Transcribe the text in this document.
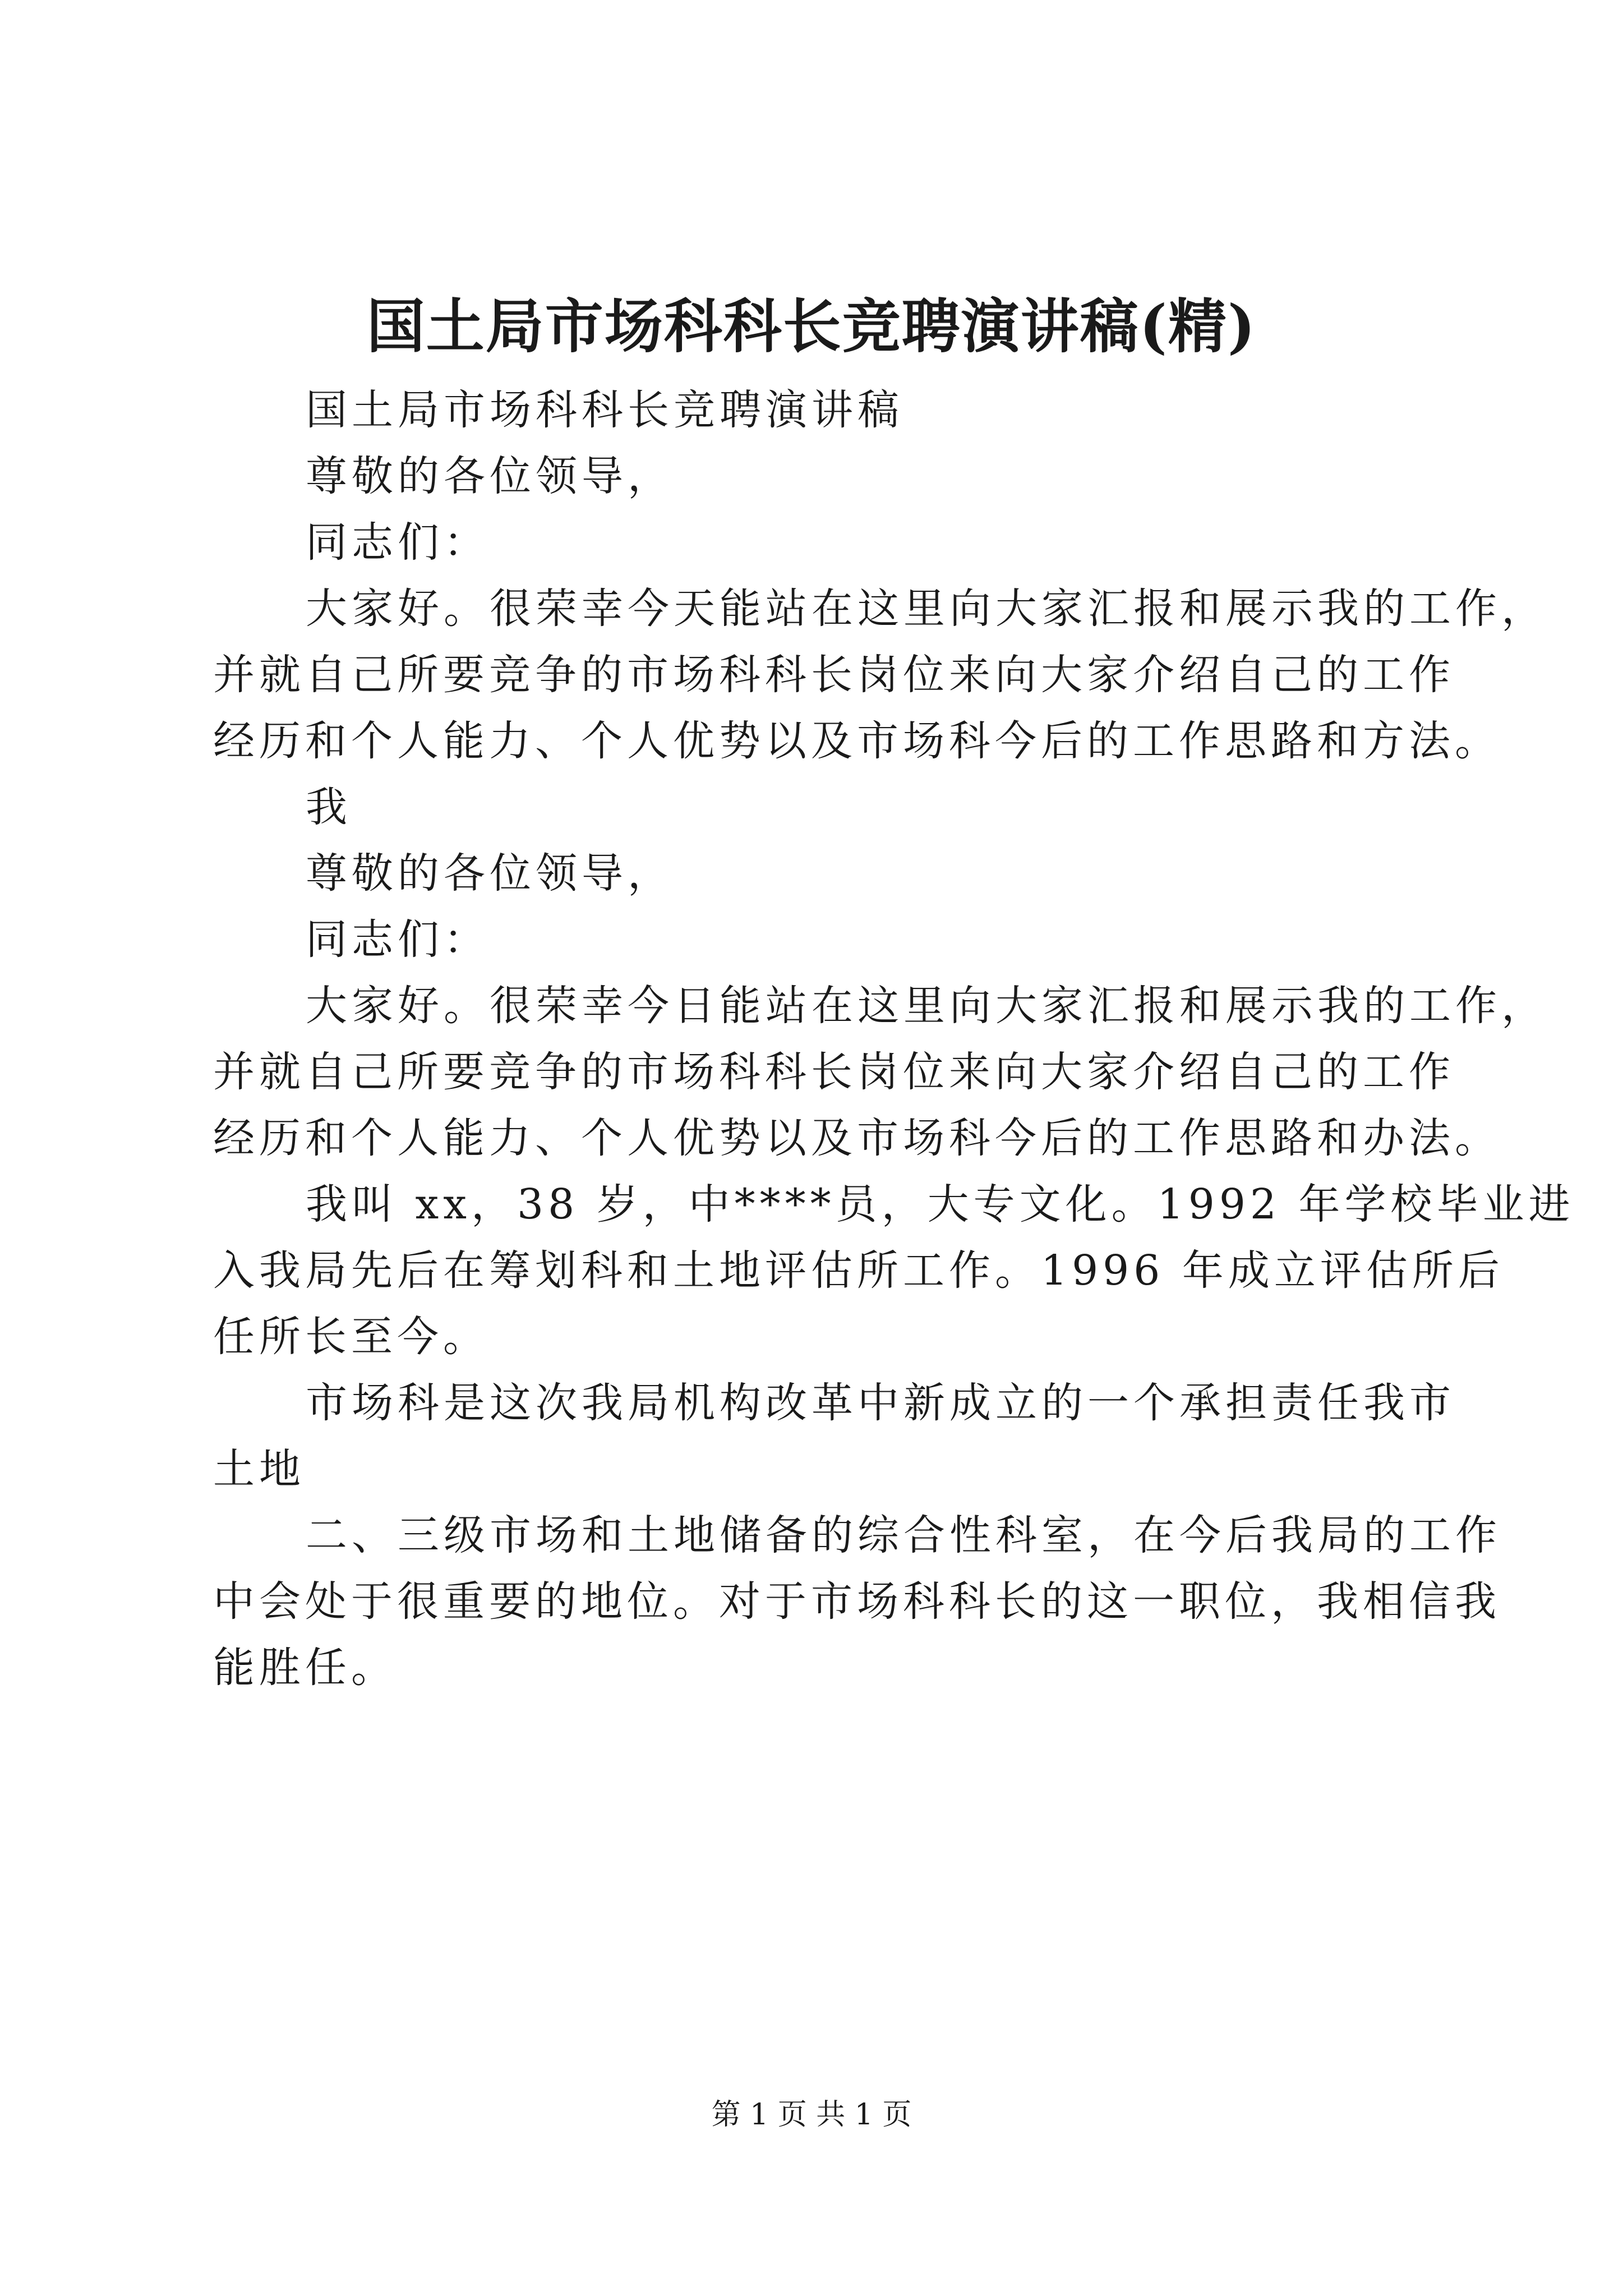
国土局市场科科长竞聘演讲稿(精)
国土局市场科科长竞聘演讲稿
尊敬的各位领导，
同志们：
大家好。很荣幸今天能站在这里向大家汇报和展示我的工作，
并就自己所要竞争的市场科科长岗位来向大家介绍自己的工作
经历和个人能力、个人优势以及市场科今后的工作思路和方法。
我
尊敬的各位领导，
同志们：
大家好。很荣幸今日能站在这里向大家汇报和展示我的工作，
并就自己所要竞争的市场科科长岗位来向大家介绍自己的工作
经历和个人能力、个人优势以及市场科今后的工作思路和办法。
我叫 xx，38 岁，中****员，大专文化。1992 年学校毕业进
入我局先后在筹划科和土地评估所工作。1996 年成立评估所后
任所长至今。
市场科是这次我局机构改革中新成立的一个承担责任我市
土地
二、三级市场和土地储备的综合性科室，在今后我局的工作
中会处于很重要的地位。对于市场科科长的这一职位，我相信我
能胜任。
第 1 页 共 1 页
